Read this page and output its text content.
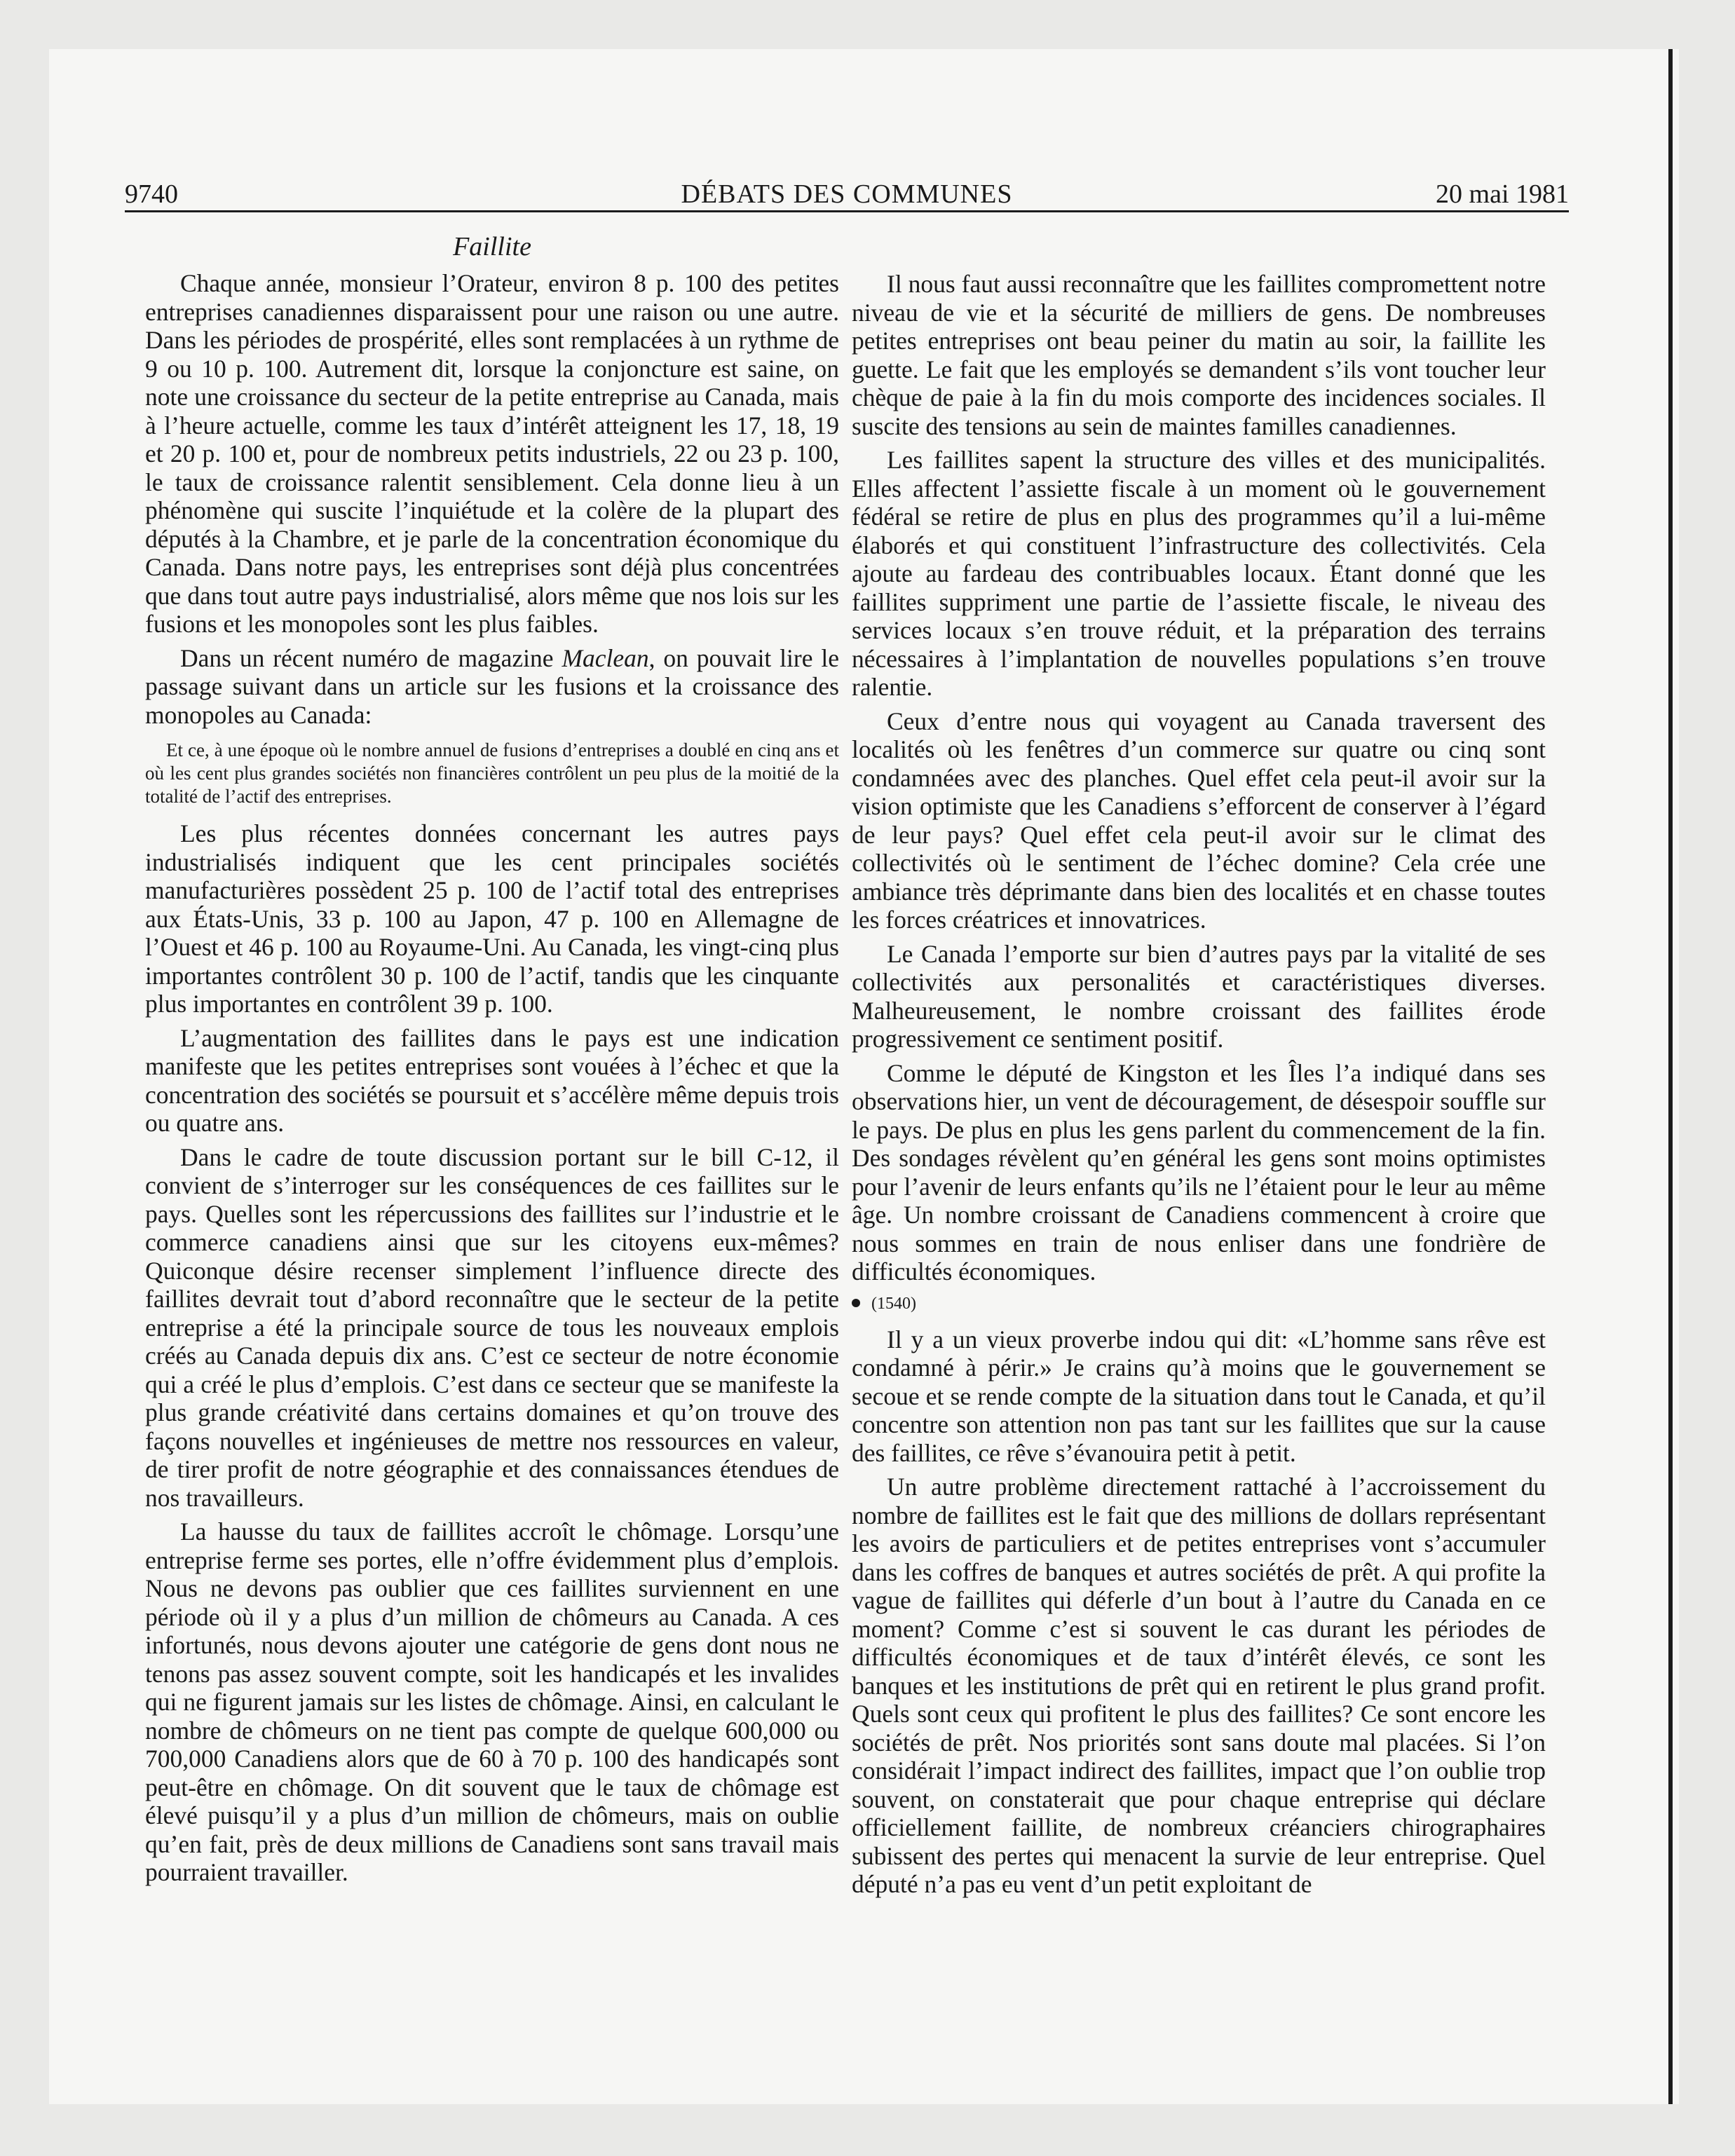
9740	DÉBATS DES COMMUNES	20 mai 1981
Faillite

Chaque année, monsieur l’Orateur, environ 8 p. 100 des petites entreprises canadiennes disparaissent pour une raison ou une autre. Dans les périodes de prospérité, elles sont remplacées à un rythme de 9 ou 10 p. 100. Autrement dit, lorsque la conjoncture est saine, on note une croissance du secteur de la petite entreprise au Canada, mais à l’heure actuelle, comme les taux d’intérêt atteignent les 17, 18, 19 et 20 p. 100 et, pour de nombreux petits industriels, 22 ou 23 p. 100, le taux de croissance ralentit sensiblement. Cela donne lieu à un phénomène qui suscite l’inquiétude et la colère de la plupart des députés à la Chambre, et je parle de la concentration économique du Canada. Dans notre pays, les entreprises sont déjà plus concentrées que dans tout autre pays industrialisé, alors même que nos lois sur les fusions et les monopoles sont les plus faibles.

Dans un récent numéro de magazine Maclean, on pouvait lire le passage suivant dans un article sur les fusions et la croissance des monopoles au Canada:

Et ce, à une époque où le nombre annuel de fusions d’entreprises a doublé en cinq ans et où les cent plus grandes sociétés non financières contrôlent un peu plus de la moitié de la totalité de l’actif des entreprises.

Les plus récentes données concernant les autres pays industrialisés indiquent que les cent principales sociétés manufacturières possèdent 25 p. 100 de l’actif total des entreprises aux États-Unis, 33 p. 100 au Japon, 47 p. 100 en Allemagne de l’Ouest et 46 p. 100 au Royaume-Uni. Au Canada, les vingt-cinq plus importantes contrôlent 30 p. 100 de l’actif, tandis que les cinquante plus importantes en contrôlent 39 p. 100.

L’augmentation des faillites dans le pays est une indication manifeste que les petites entreprises sont vouées à l’échec et que la concentration des sociétés se poursuit et s’accélère même depuis trois ou quatre ans.

Dans le cadre de toute discussion portant sur le bill C-12, il convient de s’interroger sur les conséquences de ces faillites sur le pays. Quelles sont les répercussions des faillites sur l’industrie et le commerce canadiens ainsi que sur les citoyens eux-mêmes? Quiconque désire recenser simplement l’influence directe des faillites devrait tout d’abord reconnaître que le secteur de la petite entreprise a été la principale source de tous les nouveaux emplois créés au Canada depuis dix ans. C’est ce secteur de notre économie qui a créé le plus d’emplois. C’est dans ce secteur que se manifeste la plus grande créativité dans certains domaines et qu’on trouve des façons nouvelles et ingénieuses de mettre nos ressources en valeur, de tirer profit de notre géographie et des connaissances étendues de nos travailleurs.

La hausse du taux de faillites accroît le chômage. Lorsqu’une entreprise ferme ses portes, elle n’offre évidemment plus d’emplois. Nous ne devons pas oublier que ces faillites surviennent en une période où il y a plus d’un million de chômeurs au Canada. A ces infortunés, nous devons ajouter une catégorie de gens dont nous ne tenons pas assez souvent compte, soit les handicapés et les invalides qui ne figurent jamais sur les listes de chômage. Ainsi, en calculant le nombre de chômeurs on ne tient pas compte de quelque 600,000 ou 700,000 Canadiens alors que de 60 à 70 p. 100 des handicapés sont peut-être en chômage. On dit souvent que le taux de chômage est élevé puisqu’il y a plus d’un million de chômeurs, mais on oublie qu’en fait, près de deux millions de Canadiens sont sans travail mais pourraient travailler.

Il nous faut aussi reconnaître que les faillites compromettent notre niveau de vie et la sécurité de milliers de gens. De nombreuses petites entreprises ont beau peiner du matin au soir, la faillite les guette. Le fait que les employés se demandent s’ils vont toucher leur chèque de paie à la fin du mois comporte des incidences sociales. Il suscite des tensions au sein de maintes familles canadiennes.

Les faillites sapent la structure des villes et des municipalités. Elles affectent l’assiette fiscale à un moment où le gouvernement fédéral se retire de plus en plus des programmes qu’il a lui-même élaborés et qui constituent l’infrastructure des collectivités. Cela ajoute au fardeau des contribuables locaux. Étant donné que les faillites suppriment une partie de l’assiette fiscale, le niveau des services locaux s’en trouve réduit, et la préparation des terrains nécessaires à l’implantation de nouvelles populations s’en trouve ralentie.

Ceux d’entre nous qui voyagent au Canada traversent des localités où les fenêtres d’un commerce sur quatre ou cinq sont condamnées avec des planches. Quel effet cela peut-il avoir sur la vision optimiste que les Canadiens s’efforcent de conserver à l’égard de leur pays? Quel effet cela peut-il avoir sur le climat des collectivités où le sentiment de l’échec domine? Cela crée une ambiance très déprimante dans bien des localités et en chasse toutes les forces créatrices et innovatrices.

Le Canada l’emporte sur bien d’autres pays par la vitalité de ses collectivités aux personalités et caractéristiques diverses. Malheureusement, le nombre croissant des faillites érode progressivement ce sentiment positif.

Comme le député de Kingston et les Îles l’a indiqué dans ses observations hier, un vent de découragement, de désespoir souffle sur le pays. De plus en plus les gens parlent du commencement de la fin. Des sondages révèlent qu’en général les gens sont moins optimistes pour l’avenir de leurs enfants qu’ils ne l’étaient pour le leur au même âge. Un nombre croissant de Canadiens commencent à croire que nous sommes en train de nous enliser dans une fondrière de difficultés économiques.

(1540)

Il y a un vieux proverbe indou qui dit: «L’homme sans rêve est condamné à périr.» Je crains qu’à moins que le gouvernement se secoue et se rende compte de la situation dans tout le Canada, et qu’il concentre son attention non pas tant sur les faillites que sur la cause des faillites, ce rêve s’évanouira petit à petit.

Un autre problème directement rattaché à l’accroissement du nombre de faillites est le fait que des millions de dollars représentant les avoirs de particuliers et de petites entreprises vont s’accumuler dans les coffres de banques et autres sociétés de prêt. A qui profite la vague de faillites qui déferle d’un bout à l’autre du Canada en ce moment? Comme c’est si souvent le cas durant les périodes de difficultés économiques et de taux d’intérêt élevés, ce sont les banques et les institutions de prêt qui en retirent le plus grand profit. Quels sont ceux qui profitent le plus des faillites? Ce sont encore les sociétés de prêt. Nos priorités sont sans doute mal placées. Si l’on considérait l’impact indirect des faillites, impact que l’on oublie trop souvent, on constaterait que pour chaque entreprise qui déclare officiellement faillite, de nombreux créanciers chirographaires subissent des pertes qui menacent la survie de leur entreprise. Quel député n’a pas eu vent d’un petit exploitant de
